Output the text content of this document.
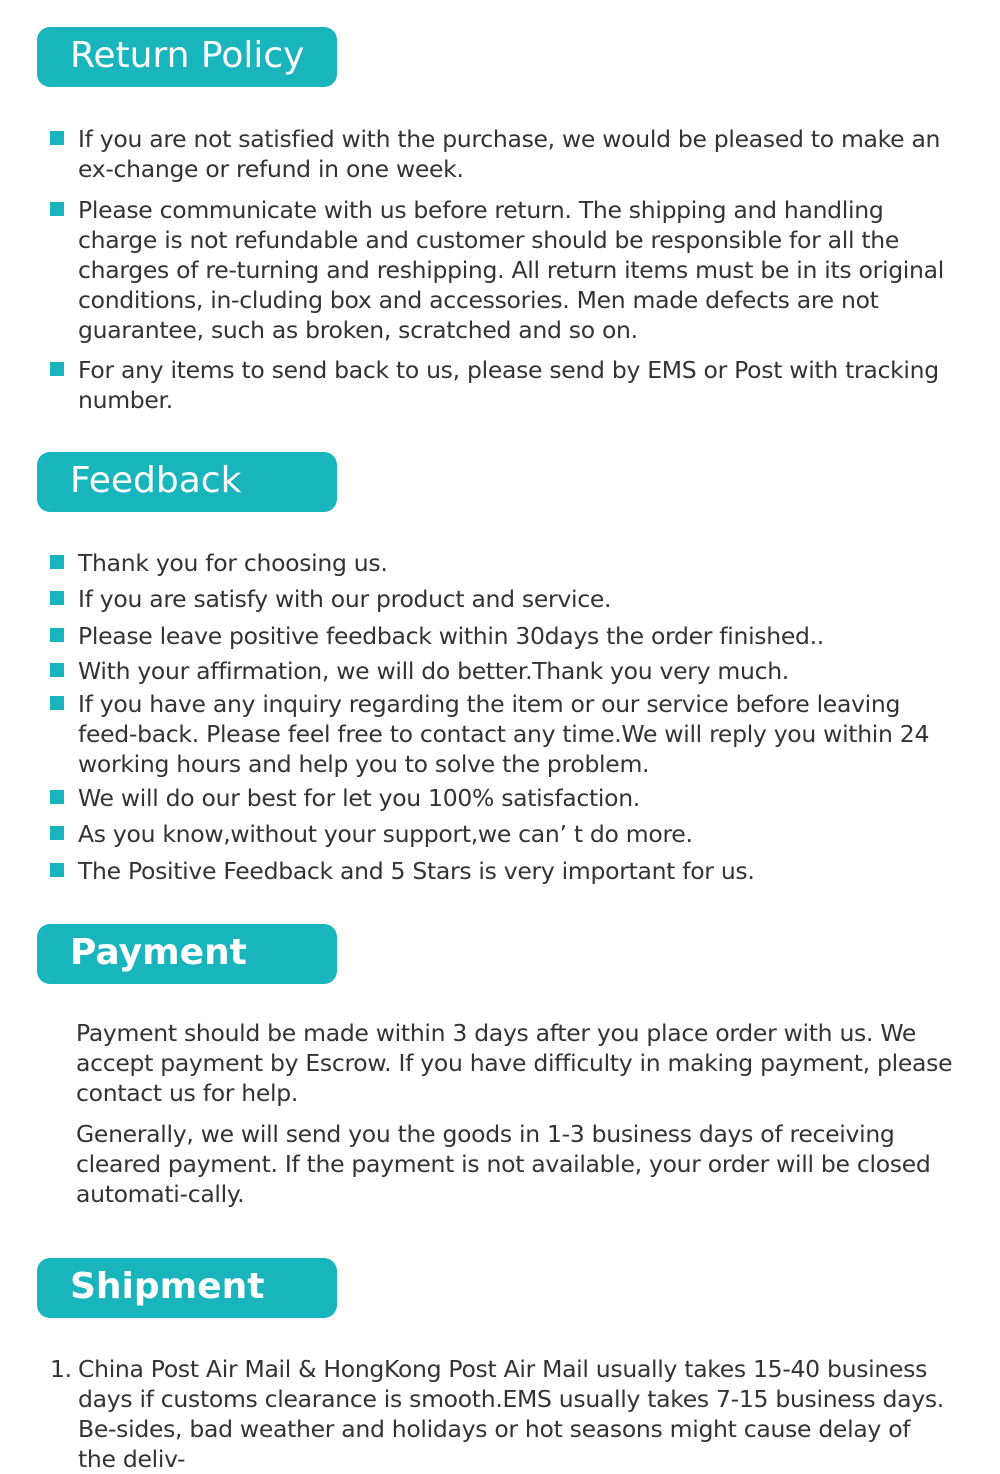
Return Policy
If you are not satisfied with the purchase, we would be pleased to make an ex-change or refund in one week.
Please communicate with us before return. The shipping and handling charge is not refundable and customer should be responsible for all the charges of re-turning and reshipping. All return items must be in its original conditions, in-cluding box and accessories. Men made defects are not guarantee, such as broken, scratched and so on.
For any items to send back to us, please send by EMS or Post with tracking number.
Feedback
Thank you for choosing us.
If you are satisfy with our product and service.
Please leave positive feedback within 30days the order finished..
With your affirmation, we will do better.Thank you very much.
If you have any inquiry regarding the item or our service before leaving feed-back. Please feel free to contact any time.We will reply you within 24 working hours and help you to solve the problem.
We will do our best for let you 100% satisfaction.
As you know,without your support,we can’ t do more.
The Positive Feedback and 5 Stars is very important for us.
Payment
Payment should be made within 3 days after you place order with us. We accept payment by Escrow. If you have difficulty in making payment, please contact us for help.
Generally, we will send you the goods in 1-3 business days of receiving cleared payment. If the payment is not available, your order will be closed automati-cally.
Shipment
1. China Post Air Mail & HongKong Post Air Mail usually takes 15-40 business days if customs clearance is smooth.EMS usually takes 7-15 business days. Be-sides, bad weather and holidays or hot seasons might cause delay of the deliv-
